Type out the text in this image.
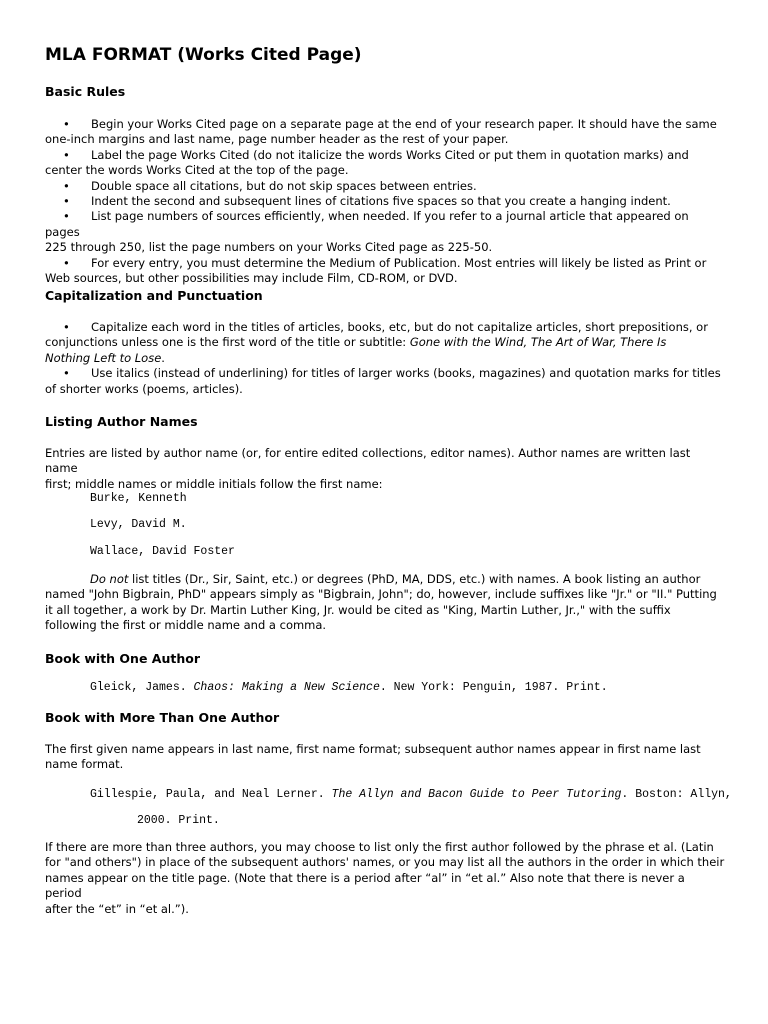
MLA FORMAT (Works Cited Page)
Basic Rules
• Begin your Works Cited page on a separate page at the end of your research paper. It should have the same
one-inch margins and last name, page number header as the rest of your paper.
• Label the page Works Cited (do not italicize the words Works Cited or put them in quotation marks) and
center the words Works Cited at the top of the page.
• Double space all citations, but do not skip spaces between entries.
• Indent the second and subsequent lines of citations five spaces so that you create a hanging indent.
• List page numbers of sources efficiently, when needed. If you refer to a journal article that appeared on pages
225 through 250, list the page numbers on your Works Cited page as 225-50.
• For every entry, you must determine the Medium of Publication. Most entries will likely be listed as Print or
Web sources, but other possibilities may include Film, CD-ROM, or DVD.
Capitalization and Punctuation
• Capitalize each word in the titles of articles, books, etc, but do not capitalize articles, short prepositions, or
conjunctions unless one is the first word of the title or subtitle: Gone with the Wind, The Art of War, There Is
Nothing Left to Lose.
• Use italics (instead of underlining) for titles of larger works (books, magazines) and quotation marks for titles
of shorter works (poems, articles).
Listing Author Names
Entries are listed by author name (or, for entire edited collections, editor names). Author names are written last name
first; middle names or middle initials follow the first name:
Burke, Kenneth
Levy, David M.
Wallace, David Foster
Do not list titles (Dr., Sir, Saint, etc.) or degrees (PhD, MA, DDS, etc.) with names. A book listing an author
named "John Bigbrain, PhD" appears simply as "Bigbrain, John"; do, however, include suffixes like "Jr." or "II." Putting
it all together, a work by Dr. Martin Luther King, Jr. would be cited as "King, Martin Luther, Jr.," with the suffix
following the first or middle name and a comma.
Book with One Author
Gleick, James. Chaos: Making a New Science. New York: Penguin, 1987. Print.
Book with More Than One Author
The first given name appears in last name, first name format; subsequent author names appear in first name last
name format.
Gillespie, Paula, and Neal Lerner. The Allyn and Bacon Guide to Peer Tutoring. Boston: Allyn,
2000. Print.
If there are more than three authors, you may choose to list only the first author followed by the phrase et al. (Latin
for "and others") in place of the subsequent authors' names, or you may list all the authors in the order in which their
names appear on the title page. (Note that there is a period after “al” in “et al.” Also note that there is never a period
after the “et” in “et al.”).
